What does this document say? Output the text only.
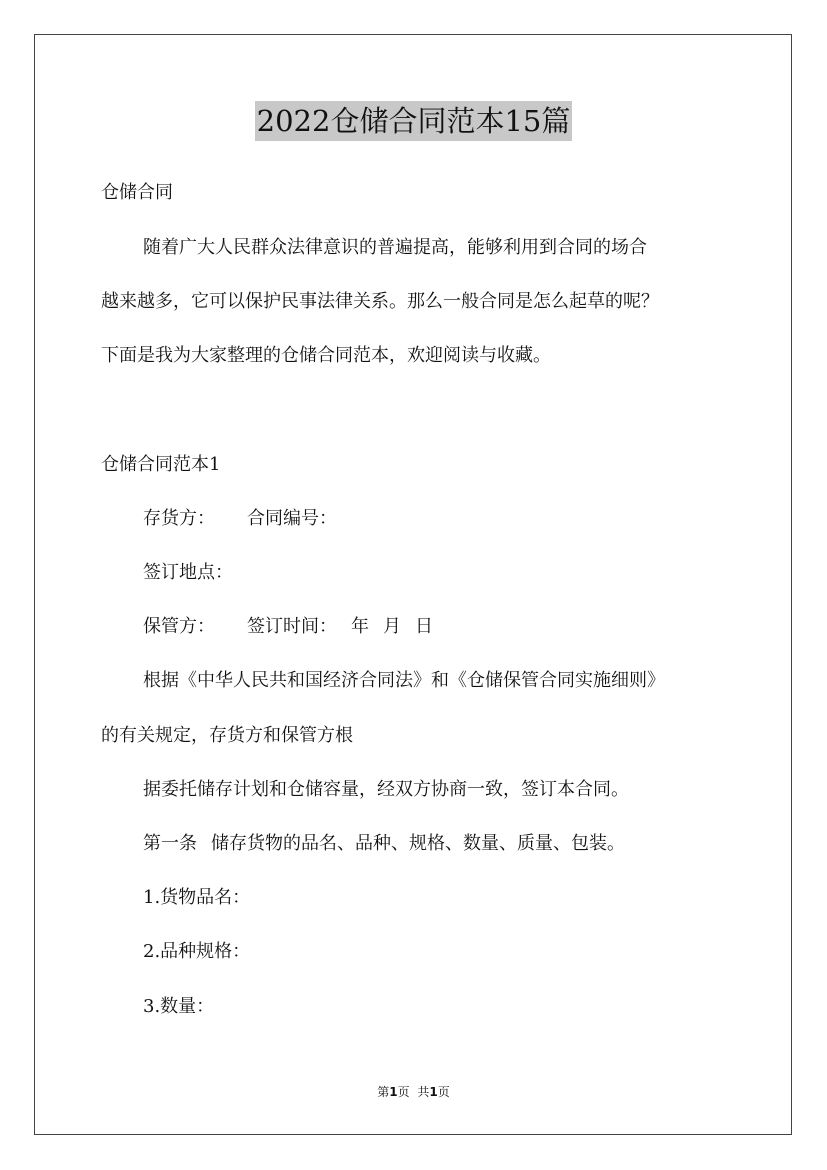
2022仓储合同范本15篇
仓储合同
随着广大人民群众法律意识的普遍提高，能够利用到合同的场合
越来越多，它可以保护民事法律关系。那么一般合同是怎么起草的呢？
下面是我为大家整理的仓储合同范本，欢迎阅读与收藏。
仓储合同范本1
存货方： 合同编号：
签订地点：
保管方： 签订时间： 年 月 日
根据《中华人民共和国经济合同法》和《仓储保管合同实施细则》
的有关规定，存货方和保管方根
据委托储存计划和仓储容量，经双方协商一致，签订本合同。
第一条 储存货物的品名、品种、规格、数量、质量、包装。
1.货物品名：
2.品种规格：
3.数量：
第1页 共1页
